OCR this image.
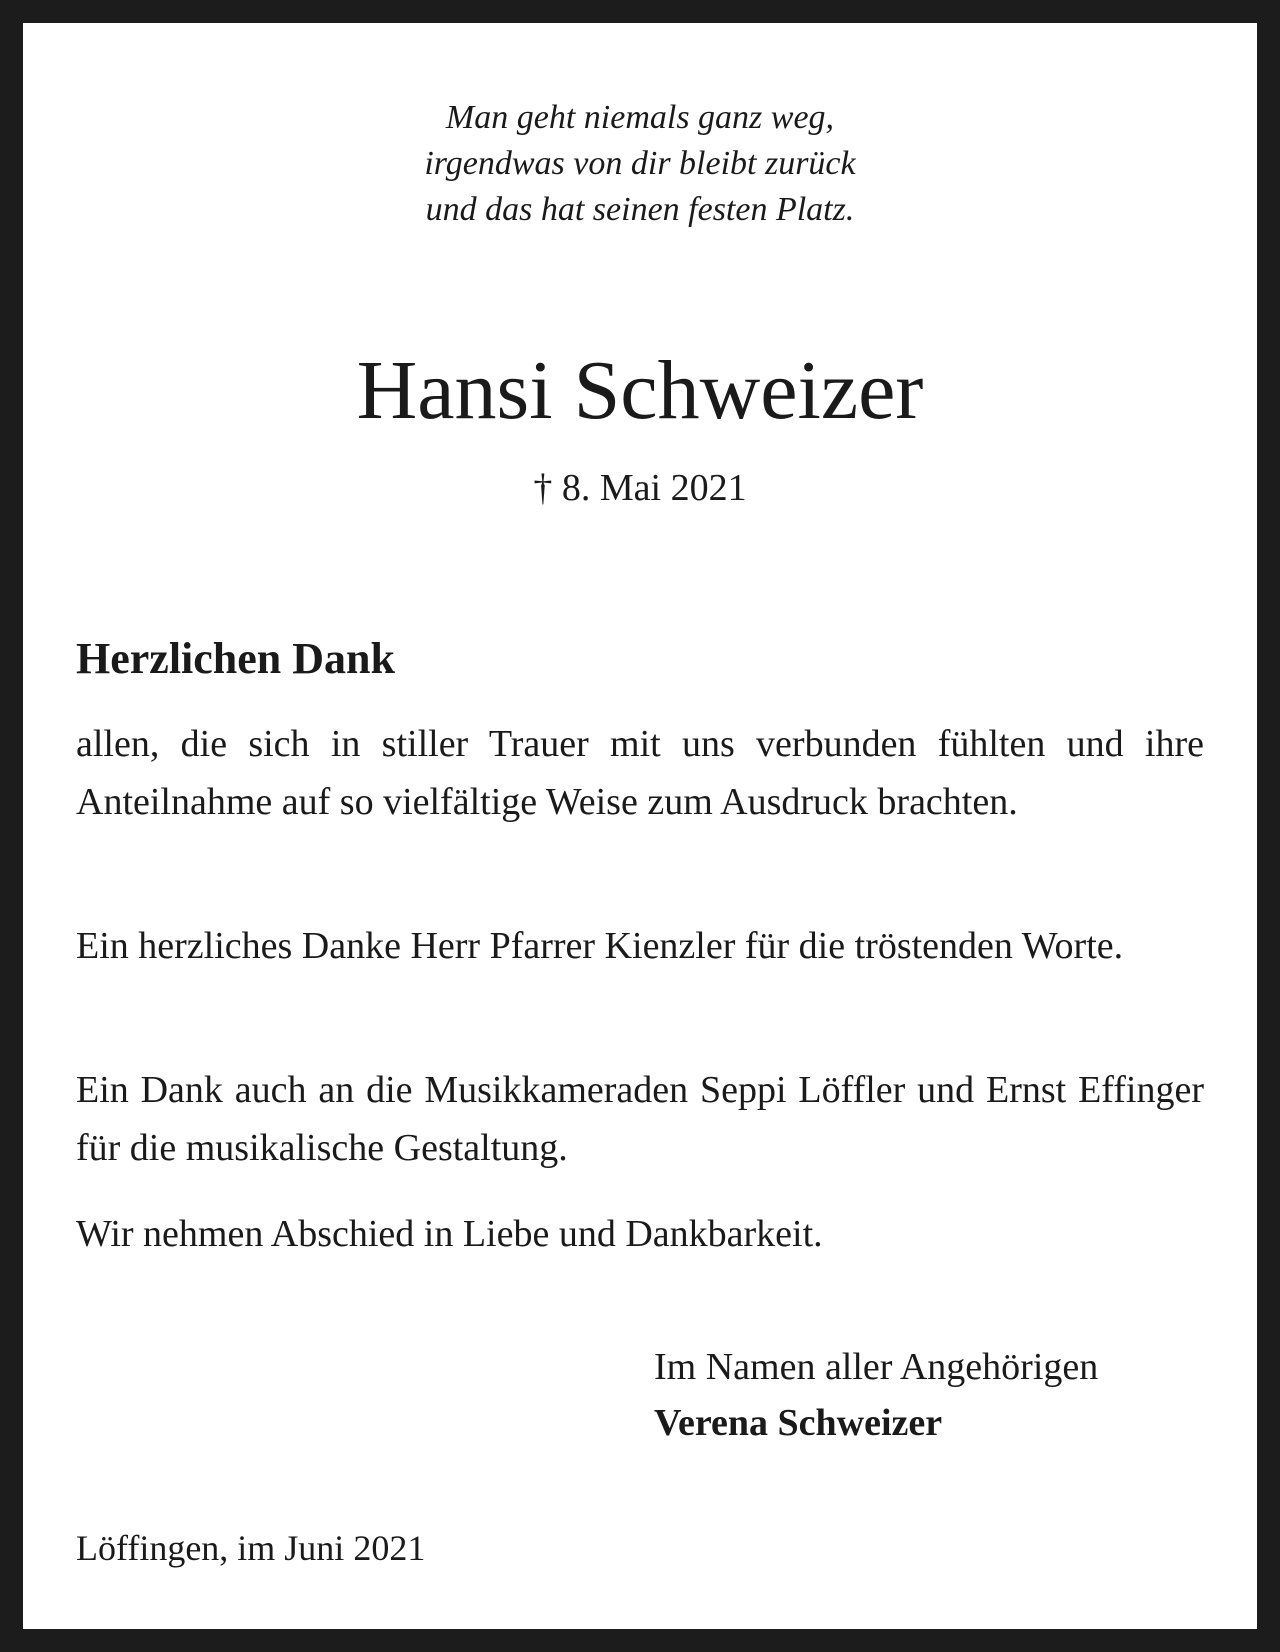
Man geht niemals ganz weg,
irgendwas von dir bleibt zurück
und das hat seinen festen Platz.
Hansi Schweizer
† 8. Mai 2021
Herzlichen Dank
allen, die sich in stiller Trauer mit uns verbunden fühlten und ihre Anteilnahme auf so vielfältige Weise zum Ausdruck brachten.
Ein herzliches Danke Herr Pfarrer Kienzler für die tröstenden Worte.
Ein Dank auch an die Musikkameraden Seppi Löffler und Ernst Effinger für die musikalische Gestaltung.
Wir nehmen Abschied in Liebe und Dankbarkeit.
Im Namen aller Angehörigen
Verena Schweizer
Löffingen, im Juni 2021
